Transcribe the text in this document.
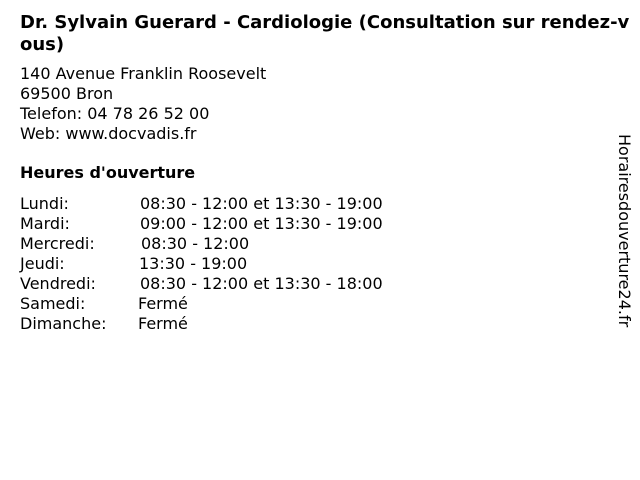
Dr. Sylvain Guerard - Cardiologie (Consultation sur rendez-vous)
140 Avenue Franklin Roosevelt
69500 Bron
Telefon: 04 78 26 52 00
Web: www.docvadis.fr
Heures d'ouverture
Lundi:	08:30 - 12:00 et 13:30 - 19:00
Mardi:	09:00 - 12:00 et 13:30 - 19:00
Mercredi:	08:30 - 12:00
Jeudi:	13:30 - 19:00
Vendredi:	08:30 - 12:00 et 13:30 - 18:00
Samedi:	Fermé
Dimanche: Fermé	Horairesdouverture24.fr
